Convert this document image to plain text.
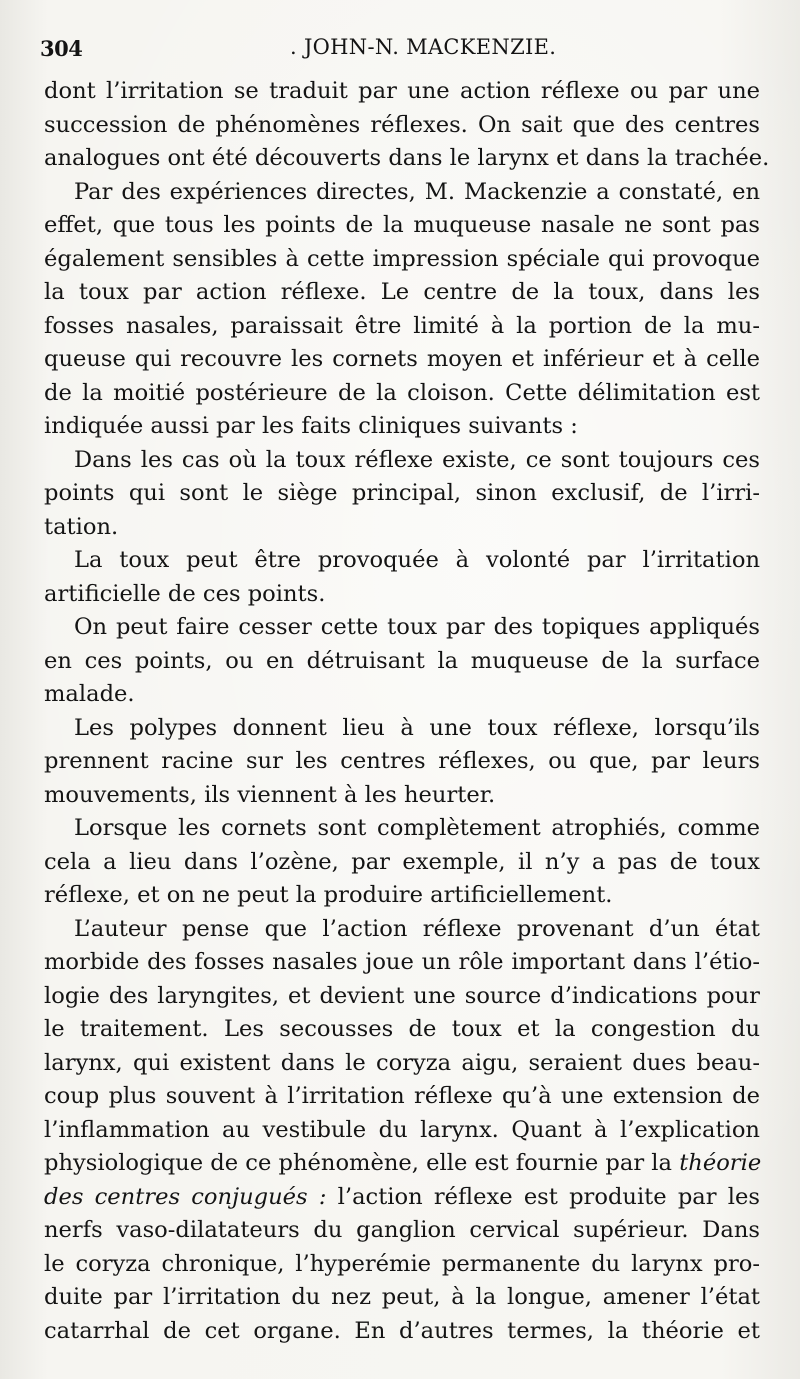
304	. JOHN-N. MACKENZIE.
dont l’irritation se traduit par une action réflexe ou par une
succession de phénomènes réflexes. On sait que des centres
analogues ont été découverts dans le larynx et dans la trachée.
Par des expériences directes, M. Mackenzie a constaté, en
effet, que tous les points de la muqueuse nasale ne sont pas
également sensibles à cette impression spéciale qui provoque
la toux par action réflexe. Le centre de la toux, dans les
fosses nasales, paraissait être limité à la portion de la mu-
queuse qui recouvre les cornets moyen et inférieur et à celle
de la moitié postérieure de la cloison. Cette délimitation est
indiquée aussi par les faits cliniques suivants :
Dans les cas où la toux réflexe existe, ce sont toujours ces
points qui sont le siège principal, sinon exclusif, de l’irri-
tation.
La toux peut être provoquée à volonté par l’irritation
artificielle de ces points.
On peut faire cesser cette toux par des topiques appliqués
en ces points, ou en détruisant la muqueuse de la surface
malade.
Les polypes donnent lieu à une toux réflexe, lorsqu’ils
prennent racine sur les centres réflexes, ou que, par leurs
mouvements, ils viennent à les heurter.
Lorsque les cornets sont complètement atrophiés, comme
cela a lieu dans l’ozène, par exemple, il n’y a pas de toux
réflexe, et on ne peut la produire artificiellement.
L’auteur pense que l’action réflexe provenant d’un état
morbide des fosses nasales joue un rôle important dans l’étio-
logie des laryngites, et devient une source d’indications pour
le traitement. Les secousses de toux et la congestion du
larynx, qui existent dans le coryza aigu, seraient dues beau-
coup plus souvent à l’irritation réflexe qu’à une extension de
l’inflammation au vestibule du larynx. Quant à l’explication
physiologique de ce phénomène, elle est fournie par la théorie
des centres conjugués : l’action réflexe est produite par les
nerfs vaso-dilatateurs du ganglion cervical supérieur. Dans
le coryza chronique, l’hyperémie permanente du larynx pro-
duite par l’irritation du nez peut, à la longue, amener l’état
catarrhal de cet organe. En d’autres termes, la théorie et
